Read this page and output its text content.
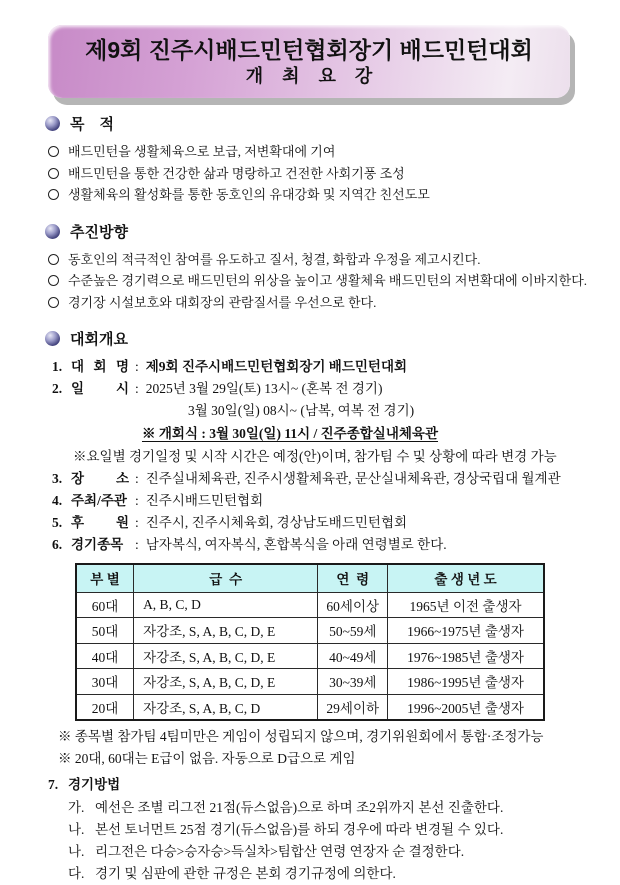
제9회 진주시배드민턴협회장기 배드민턴대회
개 최 요 강
목    적
배드민턴을 생활체육으로 보급, 저변확대에 기여
배드민턴을 통한 건강한 삶과 명랑하고 건전한 사회기풍 조성
생활체육의 활성화를 통한 동호인의 유대강화 및 지역간 친선도모
추진방향
동호인의 적극적인 참여를 유도하고 질서, 청결, 화합과 우정을 제고시킨다.
수준높은 경기력으로 배드민턴의 위상을 높이고 생활체육 배드민턴의 저변확대에 이바지한다.
경기장 시설보호와 대회장의 관람질서를 우선으로 한다.
대회개요
1. 대 회 명 : 제9회 진주시배드민턴협회장기 배드민턴대회
2. 일 시 : 2025년 3월 29일(토) 13시~ (혼복 전 경기)
3월 30일(일) 08시~ (남복, 여복 전 경기)
※ 개회식 : 3월 30일(일) 11시 / 진주종합실내체육관
※요일별 경기일정 및 시작 시간은 예정(안)이며, 참가팀 수 및 상황에 따라 변경 가능
3. 장 소 : 진주실내체육관, 진주시생활체육관, 문산실내체육관, 경상국립대 월계관
4. 주최/주관 : 진주시배드민턴협회
5. 후 원 : 진주시, 진주시체육회, 경상남도배드민턴협회
6. 경기종목 : 남자복식, 여자복식, 혼합복식을 아래 연령별로 한다.
부 별	급  수	연  령	출 생 년 도
60대	A, B, C, D	60세이상	1965년 이전 출생자
50대	자강조, S, A, B, C, D, E	50~59세	1966~1975년 출생자
40대	자강조, S, A, B, C, D, E	40~49세	1976~1985년 출생자
30대	자강조, S, A, B, C, D, E	30~39세	1986~1995년 출생자
20대	자강조, S, A, B, C, D	29세이하	1996~2005년 출생자
※ 종목별 참가팀 4팀미만은 게임이 성립되지 않으며, 경기위원회에서 통합·조정가능
※ 20대, 60대는 E급이 없음. 자동으로 D급으로 게임
7. 경기방법
가. 예선은 조별 리그전 21점(듀스없음)으로 하며 조2위까지 본선 진출한다.
나. 본선 토너먼트 25점 경기(듀스없음)를 하되 경우에 따라 변경될 수 있다.
나. 리그전은 다승>승자승>득실차>팀합산 연령 연장자 순 결정한다.
다. 경기 및 심판에 관한 규정은 본회 경기규정에 의한다.
